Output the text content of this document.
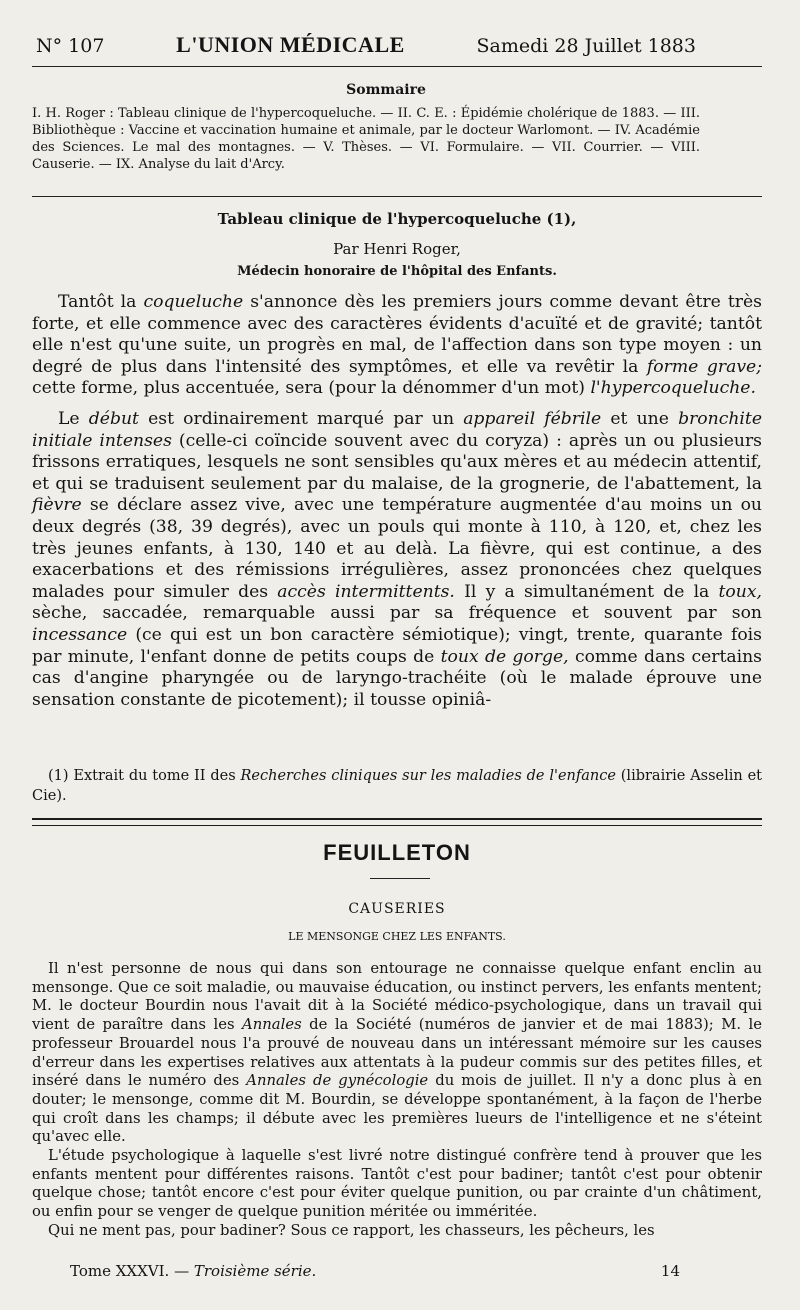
N° 107	L'UNION MÉDICALE	Samedi 28 Juillet 1883
Sommaire

I. H. Roger : Tableau clinique de l'hypercoqueluche. — II. C. E. : Épidémie cholérique de 1883. — III. Bibliothèque : Vaccine et vaccination humaine et animale, par le docteur Warlomont. — IV. Académie des Sciences. Le mal des montagnes. — V. Thèses. — VI. Formulaire. — VII. Courrier. — VIII. Causerie. — IX. Analyse du lait d'Arcy.

Tableau clinique de l'hypercoqueluche (1),
Par Henri Roger,
Médecin honoraire de l'hôpital des Enfants.

Tantôt la coqueluche s'annonce dès les premiers jours comme devant être très forte, et elle commence avec des caractères évidents d'acuïté et de gravité; tantôt elle n'est qu'une suite, un progrès en mal, de l'affection dans son type moyen : un degré de plus dans l'intensité des symptômes, et elle va revêtir la forme grave; cette forme, plus accentuée, sera (pour la dénommer d'un mot) l'hypercoqueluche.

Le début est ordinairement marqué par un appareil fébrile et une bronchite initiale intenses (celle-ci coïncide souvent avec du coryza) : après un ou plusieurs frissons erratiques, lesquels ne sont sensibles qu'aux mères et au médecin attentif, et qui se traduisent seulement par du malaise, de la grognerie, de l'abattement, la fièvre se déclare assez vive, avec une température augmentée d'au moins un ou deux degrés (38, 39 degrés), avec un pouls qui monte à 110, à 120, et, chez les très jeunes enfants, à 130, 140 et au delà. La fièvre, qui est continue, a des exacerbations et des rémissions irrégulières, assez prononcées chez quelques malades pour simuler des accès intermittents. Il y a simultanément de la toux, sèche, saccadée, remarquable aussi par sa fréquence et souvent par son incessance (ce qui est un bon caractère sémiotique); vingt, trente, quarante fois par minute, l'enfant donne de petits coups de toux de gorge, comme dans certains cas d'angine pharyngée ou de laryngo-trachéite (où le malade éprouve une sensation constante de picotement); il tousse opiniâ-

(1) Extrait du tome II des Recherches cliniques sur les maladies de l'enfance (librairie Asselin et Cie).

FEUILLETON
CAUSERIES
LE MENSONGE CHEZ LES ENFANTS.

Il n'est personne de nous qui dans son entourage ne connaisse quelque enfant enclin au mensonge. Que ce soit maladie, ou mauvaise éducation, ou instinct pervers, les enfants mentent; M. le docteur Bourdin nous l'avait dit à la Société médico-psychologique, dans un travail qui vient de paraître dans les Annales de la Société (numéros de janvier et de mai 1883); M. le professeur Brouardel nous l'a prouvé de nouveau dans un intéressant mémoire sur les causes d'erreur dans les expertises relatives aux attentats à la pudeur commis sur des petites filles, et inséré dans le numéro des Annales de gynécologie du mois de juillet. Il n'y a donc plus à en douter; le mensonge, comme dit M. Bourdin, se développe spontanément, à la façon de l'herbe qui croît dans les champs; il débute avec les premières lueurs de l'intelligence et ne s'éteint qu'avec elle.

L'étude psychologique à laquelle s'est livré notre distingué confrère tend à prouver que les enfants mentent pour différentes raisons. Tantôt c'est pour badiner; tantôt c'est pour obtenir quelque chose; tantôt encore c'est pour éviter quelque punition, ou par crainte d'un châtiment, ou enfin pour se venger de quelque punition méritée ou imméritée.

Qui ne ment pas, pour badiner? Sous ce rapport, les chasseurs, les pêcheurs, les

Tome XXXVI. — Troisième série.	14
